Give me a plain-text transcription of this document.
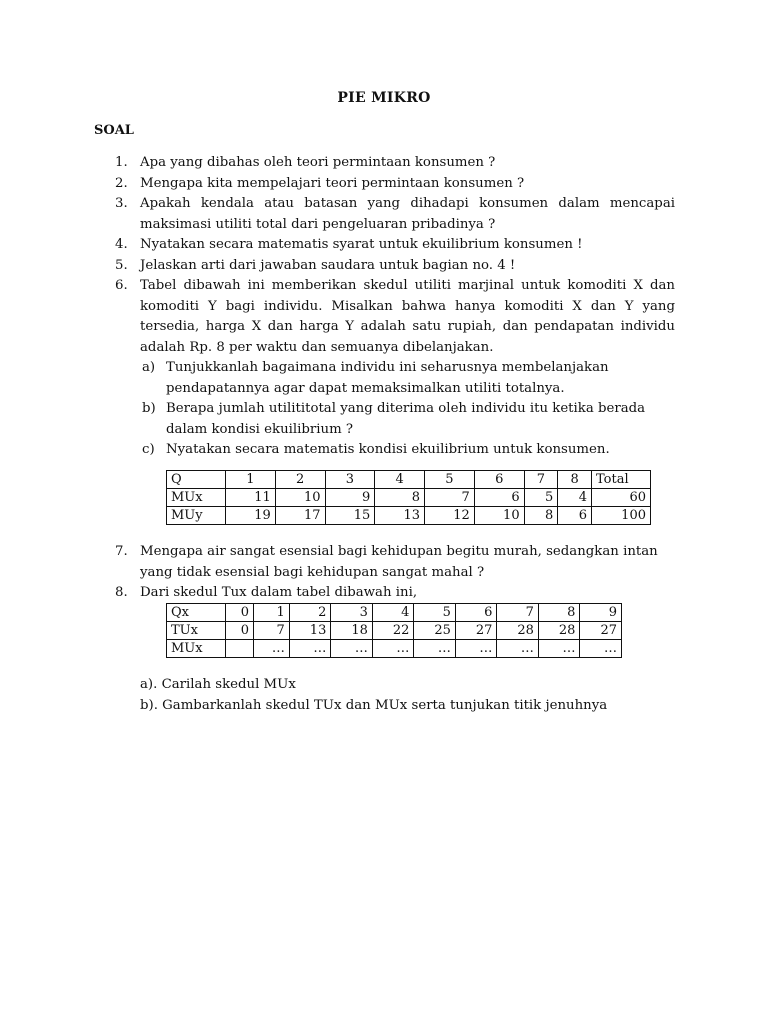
PIE MIKRO
SOAL
1. Apa yang dibahas oleh teori permintaan konsumen ?
2. Mengapa kita mempelajari teori permintaan konsumen ?
3. Apakah kendala atau batasan yang dihadapi konsumen dalam mencapai maksimasi utiliti total dari pengeluaran pribadinya ?
4. Nyatakan secara matematis syarat untuk ekuilibrium konsumen !
5. Jelaskan arti dari jawaban saudara untuk bagian no. 4 !
6. Tabel dibawah ini memberikan skedul utiliti marjinal untuk komoditi X dan komoditi Y bagi individu. Misalkan bahwa hanya komoditi X dan Y yang tersedia, harga X dan harga Y adalah satu rupiah, dan pendapatan individu adalah Rp. 8 per waktu dan semuanya dibelanjakan.
a) Tunjukkanlah bagaimana individu ini seharusnya membelanjakan pendapatannya agar dapat memaksimalkan utiliti totalnya.
b) Berapa jumlah utilititotal yang diterima oleh individu itu ketika berada dalam kondisi ekuilibrium ?
c) Nyatakan secara matematis kondisi ekuilibrium untuk konsumen.
Q	1	2	3	4	5	6	7	8	Total
MUx	11	10	9	8	7	6	5	4	60
MUy	19	17	15	13	12	10	8	6	100
7. Mengapa air sangat esensial bagi kehidupan begitu murah, sedangkan intan yang tidak esensial bagi kehidupan sangat mahal ?
8. Dari skedul Tux dalam tabel dibawah ini,
Qx	0	1	2	3	4	5	6	7	8	9
TUx	0	7	13	18	22	25	27	28	28	27
MUx		…	…	…	…	…	…	…	…	…
a). Carilah skedul MUx
b). Gambarkanlah skedul TUx dan MUx serta tunjukan titik jenuhnya
